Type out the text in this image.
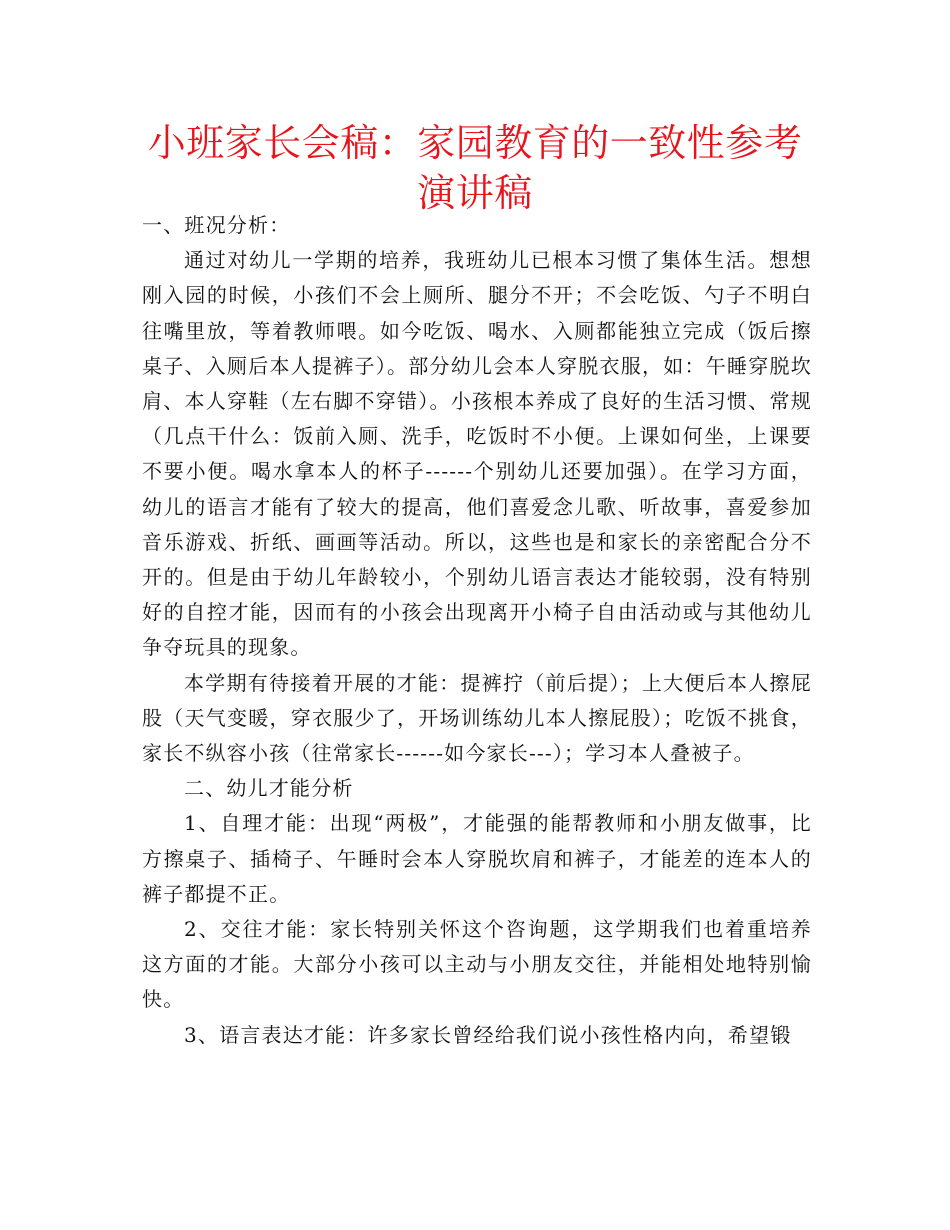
小班家长会稿：家园教育的一致性参考演讲稿

一、班况分析：

通过对幼儿一学期的培养，我班幼儿已根本习惯了集体生活。想想刚入园的时候，小孩们不会上厕所、腿分不开；不会吃饭、勺子不明白往嘴里放，等着教师喂。如今吃饭、喝水、入厕都能独立完成（饭后擦桌子、入厕后本人提裤子）。部分幼儿会本人穿脱衣服，如：午睡穿脱坎肩、本人穿鞋（左右脚不穿错）。小孩根本养成了良好的生活习惯、常规（几点干什么：饭前入厕、洗手，吃饭时不小便。上课如何坐，上课要不要小便。喝水拿本人的杯子------个别幼儿还要加强）。在学习方面，幼儿的语言才能有了较大的提高，他们喜爱念儿歌、听故事，喜爱参加音乐游戏、折纸、画画等活动。所以，这些也是和家长的亲密配合分不开的。但是由于幼儿年龄较小，个别幼儿语言表达才能较弱，没有特别好的自控才能，因而有的小孩会出现离开小椅子自由活动或与其他幼儿争夺玩具的现象。

本学期有待接着开展的才能：提裤拧（前后提）；上大便后本人擦屁股（天气变暖，穿衣服少了，开场训练幼儿本人擦屁股）；吃饭不挑食，家长不纵容小孩（往常家长------如今家长---）；学习本人叠被子。

二、幼儿才能分析

1、自理才能：出现“两极”，才能强的能帮教师和小朋友做事，比方擦桌子、插椅子、午睡时会本人穿脱坎肩和裤子，才能差的连本人的裤子都提不正。

2、交往才能：家长特别关怀这个咨询题，这学期我们也着重培养这方面的才能。大部分小孩可以主动与小朋友交往，并能相处地特别愉快。

3、语言表达才能：许多家长曾经给我们说小孩性格内向，希望锻
